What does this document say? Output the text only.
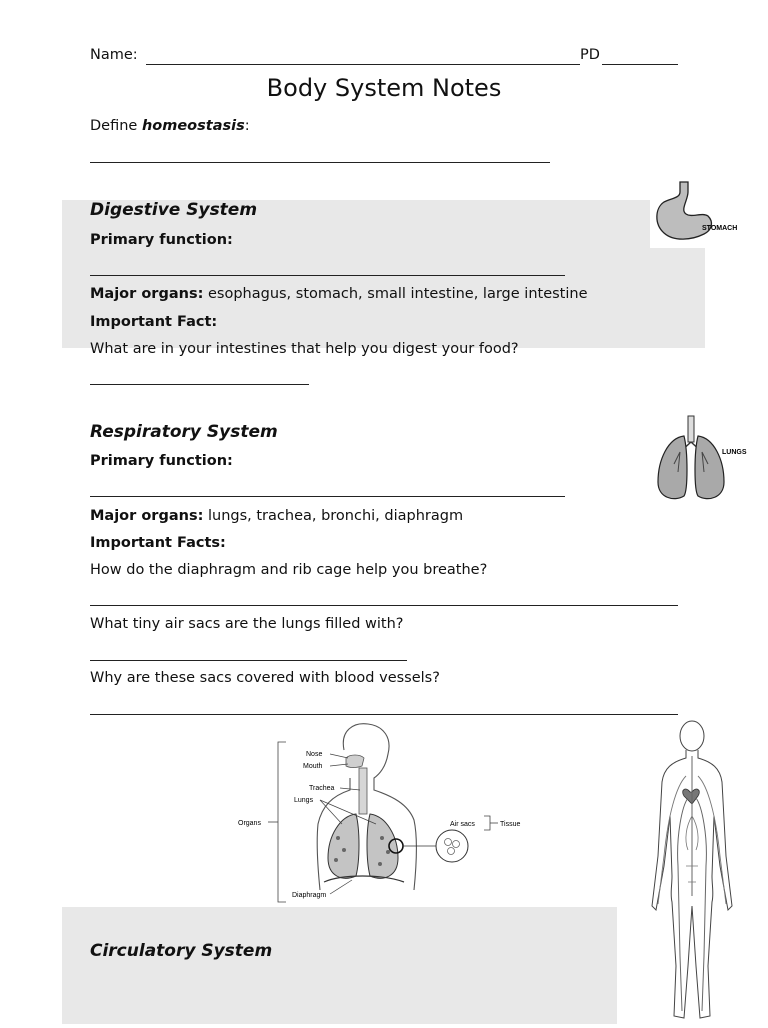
Name:	PD
Body System Notes
Define homeostasis:
STOMACH
Digestive System
Primary function:
Major organs: esophagus, stomach, small intestine, large intestine
Important Fact:
What are in your intestines that help you digest your food?
LUNGS
Respiratory System
Primary function:
Major organs: lungs, trachea, bronchi, diaphragm
Important Facts:
How do the diaphragm and rib cage help you breathe?
What tiny air sacs are the lungs filled with?
Why are these sacs covered with blood vessels?
Nose
Mouth
Trachea
Lungs
Organs
Diaphragm
Air sacs	Tissue
Circulatory System
